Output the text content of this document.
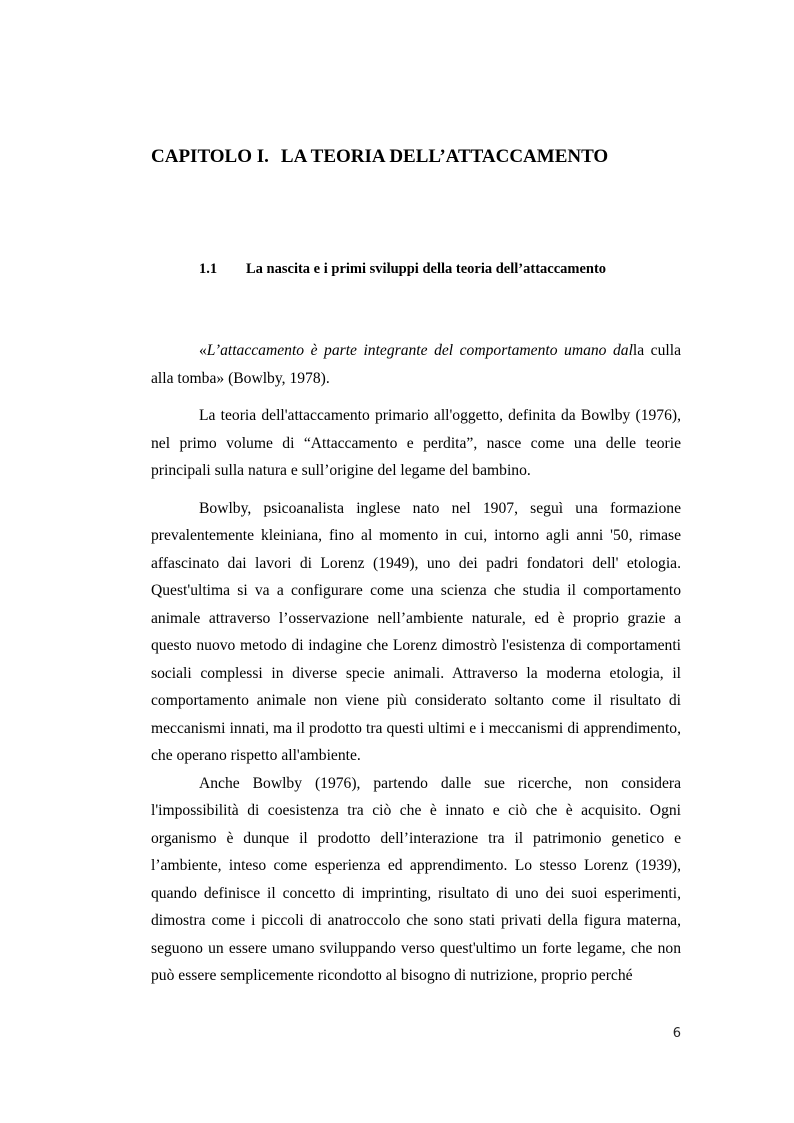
CAPITOLO I. LA TEORIA DELL’ATTACCAMENTO
1.1 La nascita e i primi sviluppi della teoria dell’attaccamento

«L’attaccamento è parte integrante del comportamento umano dalla culla alla tomba» (Bowlby, 1978).

La teoria dell'attaccamento primario all'oggetto, definita da Bowlby (1976), nel primo volume di “Attaccamento e perdita”, nasce come una delle teorie principali sulla natura e sull’origine del legame del bambino.

Bowlby, psicoanalista inglese nato nel 1907, seguì una formazione prevalentemente kleiniana, fino al momento in cui, intorno agli anni '50, rimase affascinato dai lavori di Lorenz (1949), uno dei padri fondatori dell' etologia. Quest'ultima si va a configurare come una scienza che studia il comportamento animale attraverso l’osservazione nell’ambiente naturale, ed è proprio grazie a questo nuovo metodo di indagine che Lorenz dimostrò l'esistenza di comportamenti sociali complessi in diverse specie animali. Attraverso la moderna etologia, il comportamento animale non viene più considerato soltanto come il risultato di meccanismi innati, ma il prodotto tra questi ultimi e i meccanismi di apprendimento, che operano rispetto all'ambiente.

Anche Bowlby (1976), partendo dalle sue ricerche, non considera l'impossibilità di coesistenza tra ciò che è innato e ciò che è acquisito. Ogni organismo è dunque il prodotto dell’interazione tra il patrimonio genetico e l’ambiente, inteso come esperienza ed apprendimento. Lo stesso Lorenz (1939), quando definisce il concetto di imprinting, risultato di uno dei suoi esperimenti, dimostra come i piccoli di anatroccolo che sono stati privati della figura materna, seguono un essere umano sviluppando verso quest'ultimo un forte legame, che non può essere semplicemente ricondotto al bisogno di nutrizione, proprio perché

6
